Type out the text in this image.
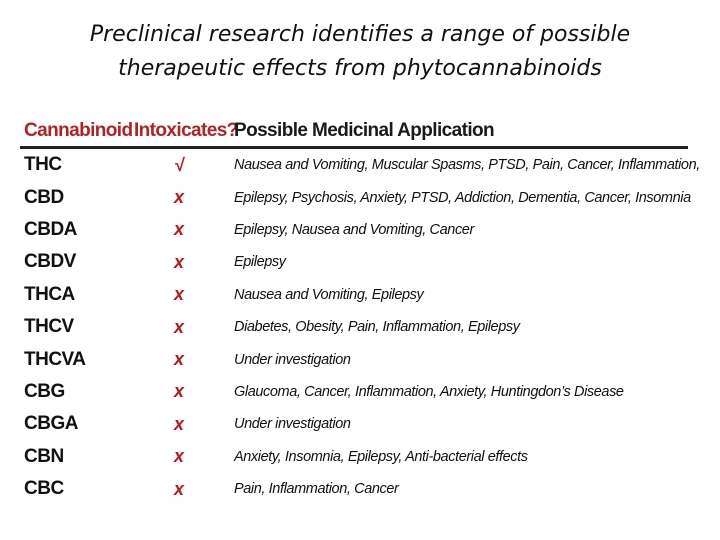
Preclinical research identifies a range of possible
therapeutic effects from phytocannabinoids
Cannabinoid	Intoxicates?	Possible Medicinal Application
THC	√	Nausea and Vomiting, Muscular Spasms, PTSD, Pain, Cancer, Inflammation,
CBD	x	Epilepsy, Psychosis, Anxiety, PTSD, Addiction, Dementia, Cancer, Insomnia
CBDA	x	Epilepsy, Nausea and Vomiting, Cancer
CBDV	x	Epilepsy
THCA	x	Nausea and Vomiting, Epilepsy
THCV	x	Diabetes, Obesity, Pain, Inflammation, Epilepsy
THCVA	x	Under investigation
CBG	x	Glaucoma, Cancer, Inflammation, Anxiety, Huntingdon’s Disease
CBGA	x	Under investigation
CBN	x	Anxiety, Insomnia, Epilepsy, Anti-bacterial effects
CBC	x	Pain, Inflammation, Cancer
